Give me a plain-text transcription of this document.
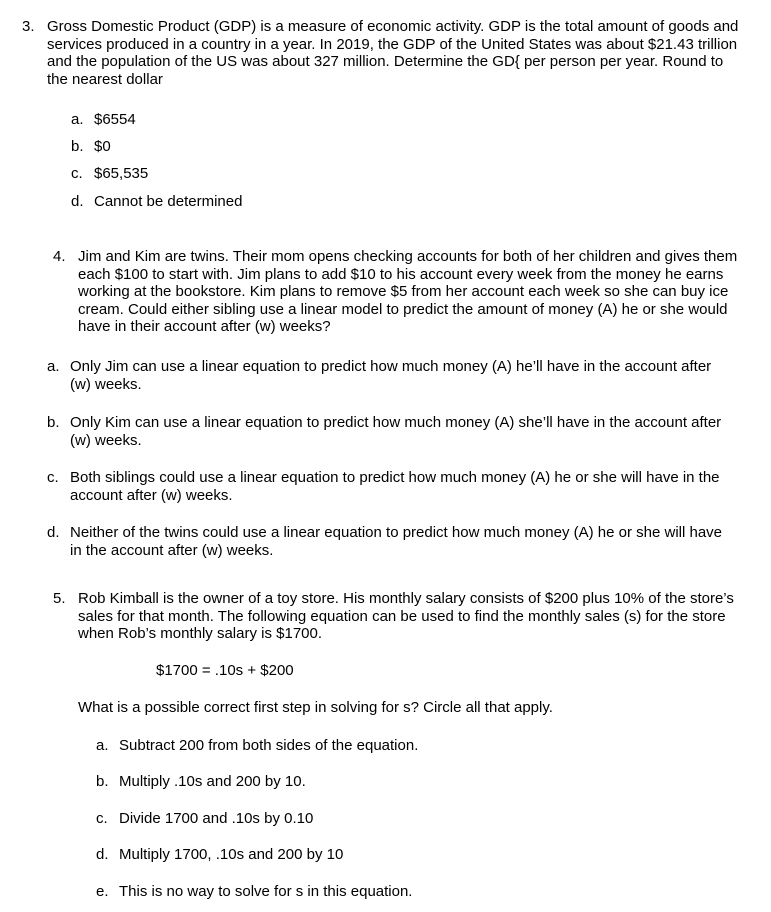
3. Gross Domestic Product (GDP) is a measure of economic activity. GDP is the total amount of goods and services produced in a country in a year. In 2019, the GDP of the United States was about $21.43 trillion and the population of the US was about 327 million. Determine the GD{ per person per year. Round to the nearest dollar
a. $6554
b. $0
c. $65,535
d. Cannot be determined
4. Jim and Kim are twins. Their mom opens checking accounts for both of her children and gives them each $100 to start with. Jim plans to add $10 to his account every week from the money he earns working at the bookstore. Kim plans to remove $5 from her account each week so she can buy ice cream. Could either sibling use a linear model to predict the amount of money (A) he or she would have in their account after (w) weeks?
a. Only Jim can use a linear equation to predict how much money (A) he’ll have in the account after (w) weeks.
b. Only Kim can use a linear equation to predict how much money (A) she’ll have in the account after (w) weeks.
c. Both siblings could use a linear equation to predict how much money (A) he or she will have in the account after (w) weeks.
d. Neither of the twins could use a linear equation to predict how much money (A) he or she will have in the account after (w) weeks.
5. Rob Kimball is the owner of a toy store. His monthly salary consists of $200 plus 10% of the store’s sales for that month. The following equation can be used to find the monthly sales (s) for the store when Rob’s monthly salary is $1700.
$1700 = .10s + $200
What is a possible correct first step in solving for s? Circle all that apply.
a. Subtract 200 from both sides of the equation.
b. Multiply .10s and 200 by 10.
c. Divide 1700 and .10s by 0.10
d. Multiply 1700, .10s and 200 by 10
e. This is no way to solve for s in this equation.
